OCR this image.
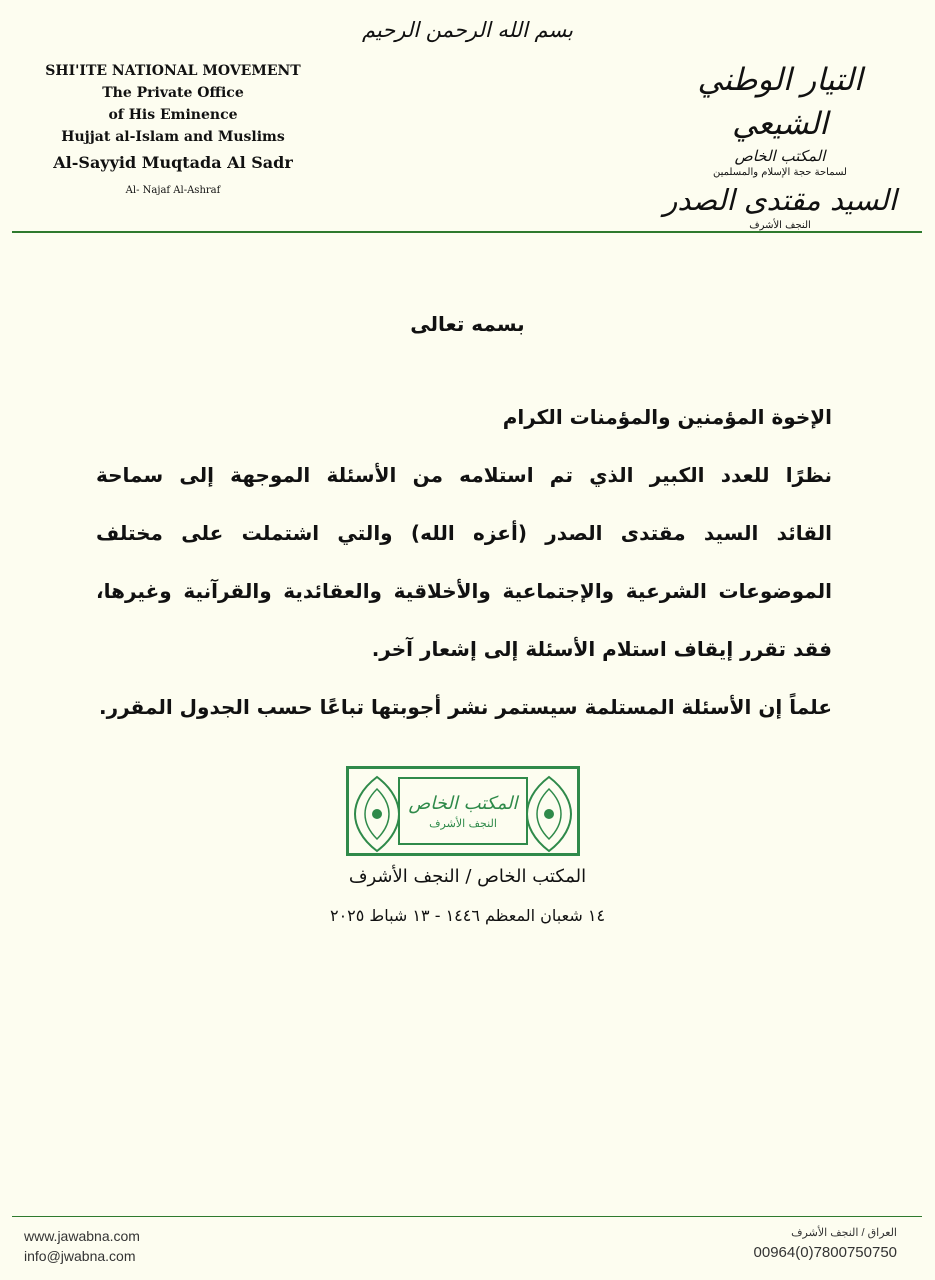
بسم الله الرحمن الرحيم
SHI'ITE NATIONAL MOVEMENT
The Private Office
of His Eminence
Hujjat al-Islam and Muslims
Al-Sayyid Muqtada Al Sadr
Al- Najaf Al-Ashraf
التيار الوطني الشيعي
المكتب الخاص
لسماحة حجة الإسلام والمسلمين
السيد مقتدى الصدر
النجف الأشرف
بسمه تعالى

الإخوة المؤمنين والمؤمنات الكرام

نظرًا للعدد الكبير الذي تم استلامه من الأسئلة الموجهة إلى سماحة

القائد السيد مقتدى الصدر (أعزه الله) والتي اشتملت على مختلف

الموضوعات الشرعية والإجتماعية والأخلاقية والعقائدية والقرآنية وغيرها،

فقد تقرر إيقاف استلام الأسئلة إلى إشعار آخر.

علماً إن الأسئلة المستلمة سيستمر نشر أجوبتها تباعًا حسب الجدول المقرر.

المكتب الخاص
النجف الأشرف
المكتب الخاص / النجف الأشرف
١٤ شعبان المعظم ١٤٤٦ - ١٣ شباط ٢٠٢٥
www.jawabna.com
info@jwabna.com
العراق / النجف الأشرف
00964(0)7800750750
